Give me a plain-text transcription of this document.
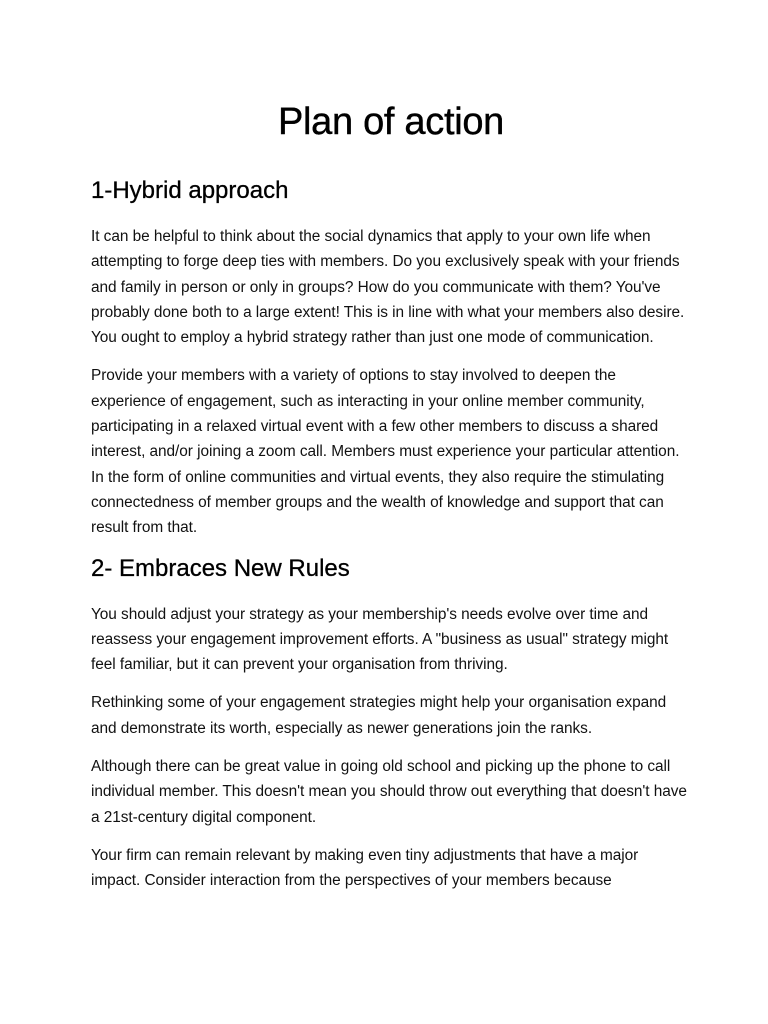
Plan of action
1-Hybrid approach

It can be helpful to think about the social dynamics that apply to your own life when attempting to forge deep ties with members. Do you exclusively speak with your friends and family in person or only in groups? How do you communicate with them? You've probably done both to a large extent! This is in line with what your members also desire. You ought to employ a hybrid strategy rather than just one mode of communication.

Provide your members with a variety of options to stay involved to deepen the experience of engagement, such as interacting in your online member community, participating in a relaxed virtual event with a few other members to discuss a shared interest, and/or joining a zoom call. Members must experience your particular attention. In the form of online communities and virtual events, they also require the stimulating connectedness of member groups and the wealth of knowledge and support that can result from that.

2- Embraces New Rules

You should adjust your strategy as your membership's needs evolve over time and reassess your engagement improvement efforts. A "business as usual" strategy might feel familiar, but it can prevent your organisation from thriving.

Rethinking some of your engagement strategies might help your organisation expand and demonstrate its worth, especially as newer generations join the ranks.

Although there can be great value in going old school and picking up the phone to call individual member. This doesn't mean you should throw out everything that doesn't have a 21st-century digital component.

Your firm can remain relevant by making even tiny adjustments that have a major impact. Consider interaction from the perspectives of your members because
